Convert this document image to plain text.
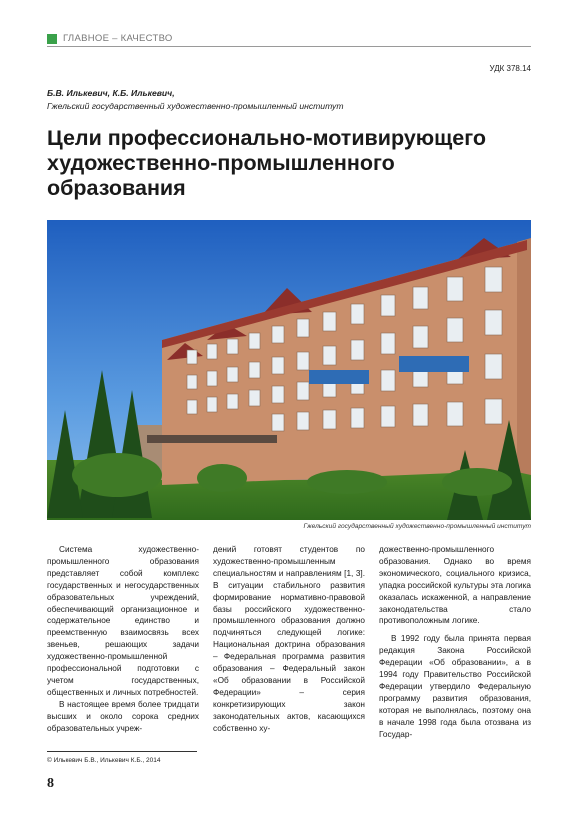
ГЛАВНОЕ – КАЧЕСТВО
УДК 378.14
Б.В. Илькевич, К.Б. Илькевич,
Гжельский государственный художественно-промышленный институт
Цели профессионально-мотивирующего
художественно-промышленного
образования
Гжельский государственный художественно-промышленный институт

Система художественно-промышленного образования представляет собой комплекс государственных и негосударственных образовательных учреждений, обеспечивающий организационное и содержательное единство и преемственную взаимосвязь всех звеньев, решающих задачи художественно-промышленной профессиональной подготовки с учетом государственных, общественных и личных потребностей.

В настоящее время более тридцати высших и около сорока средних образовательных учреж-

дений готовят студентов по художественно-промышленным специальностям и направлениям [1, 3]. В ситуации стабильного развития формирование нормативно-правовой базы российского художественно-промышленного образования должно подчиняться следующей логике: Национальная доктрина образования – Федеральная программа развития образования – Федеральный закон «Об образовании в Российской Федерации» – серия конкретизирующих закон законодательных актов, касающихся собственно ху-

дожественно-промышленного образования. Однако во время экономического, социального кризиса, упадка российской культуры эта логика оказалась искаженной, а направление законодательства стало противоположным логике.

В 1992 году была принята первая редакция Закона Российской Федерации «Об образовании», а в 1994 году Правительство Российской Федерации утвердило Федеральную программу развития образования, которая не выполнялась, поэтому она в начале 1998 года была отозвана из Государ-

© Илькевич Б.В., Илькевич К.Б., 2014
8
